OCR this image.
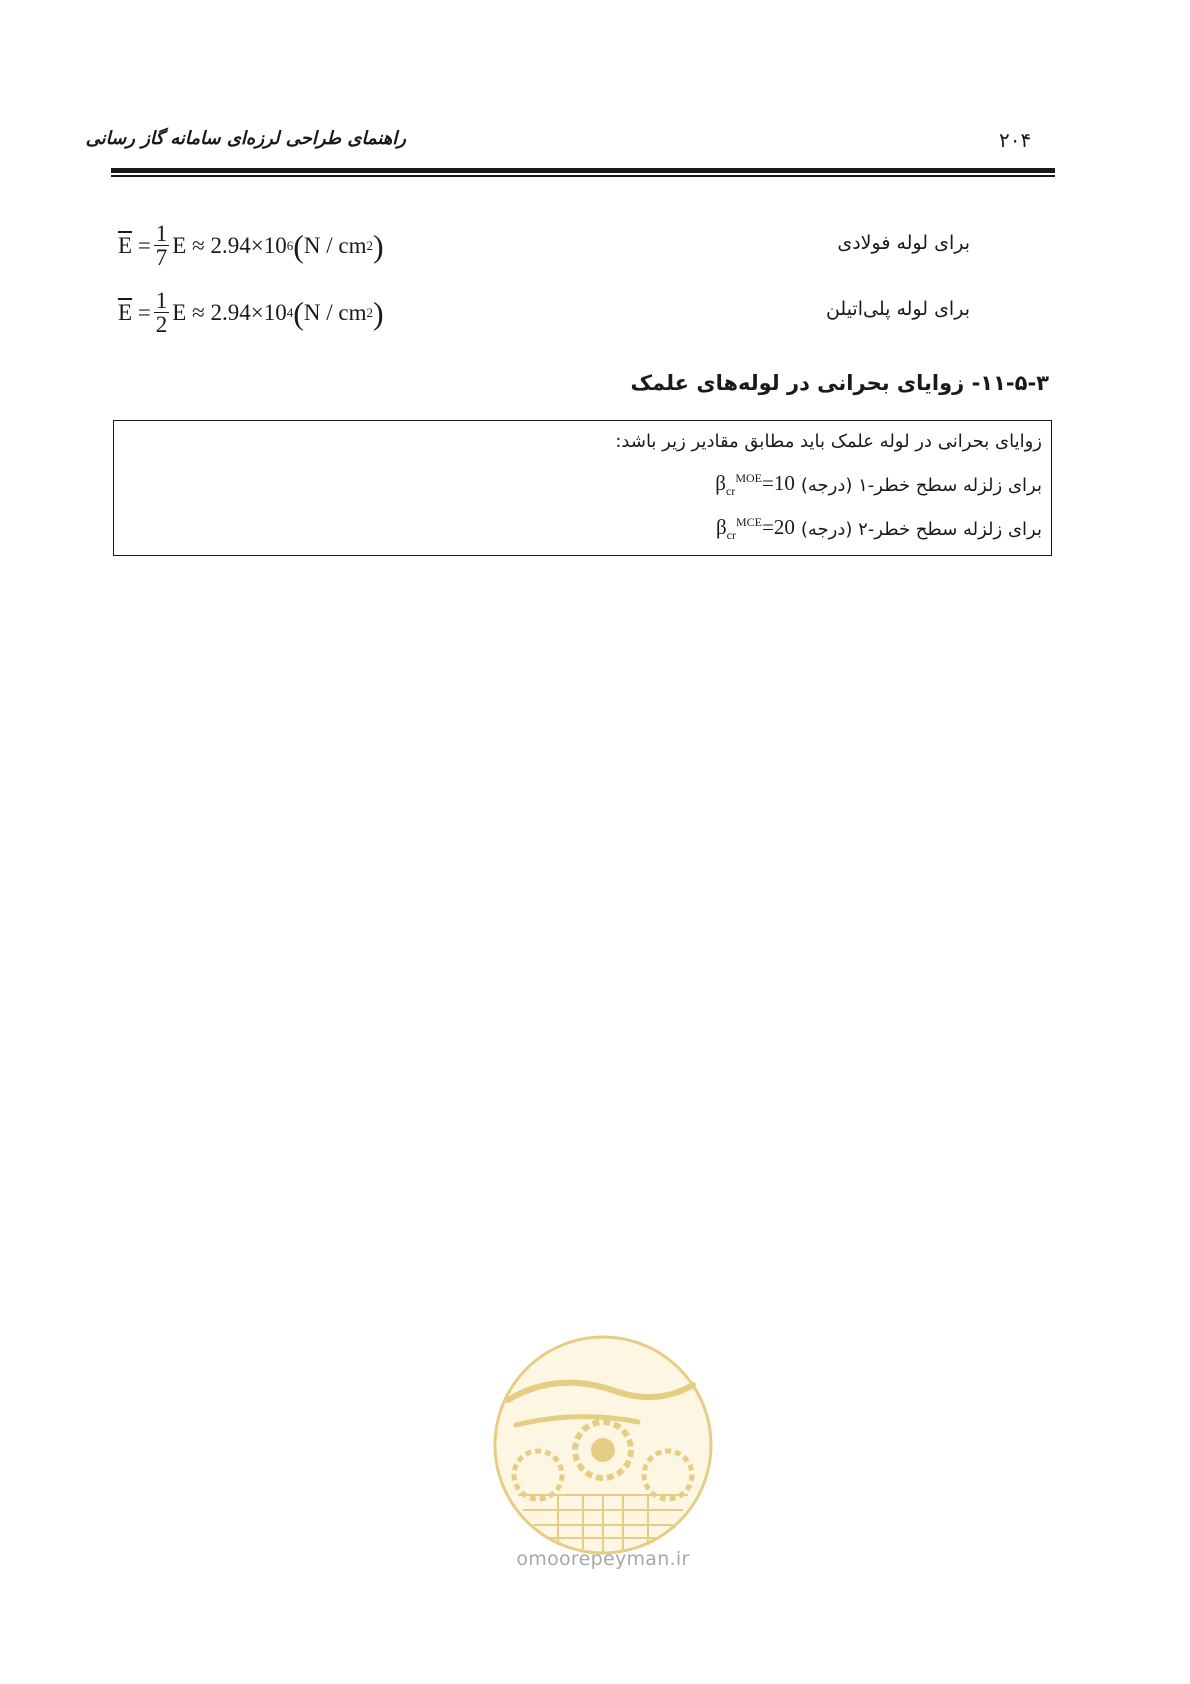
راهنمای طراحی لرزه‌ای سامانه گاز رسانی	۲۰۴
$\overline{E} = \frac{1}{7}$ E ≈ 2.94×10 6 ( N / cm 2 )	برای لوله فولادی
$\overline{E} = \frac{1}{2}$ E ≈ 2.94×10 4 ( N / cm 2 )	برای لوله پلی‌اتیلن
۱۱-۵-۳- زوایای بحرانی در لوله‌های علمک
زوایای بحرانی در لوله علمک باید مطابق مقادیر زیر باشد:
برای زلزله سطح خطر-۱ (درجه)
$\beta_{cr}^{MOE}=10$
برای زلزله سطح خطر-۲ (درجه)
$\beta_{cr}^{MCE}=20$
omoorepeyman.ir
